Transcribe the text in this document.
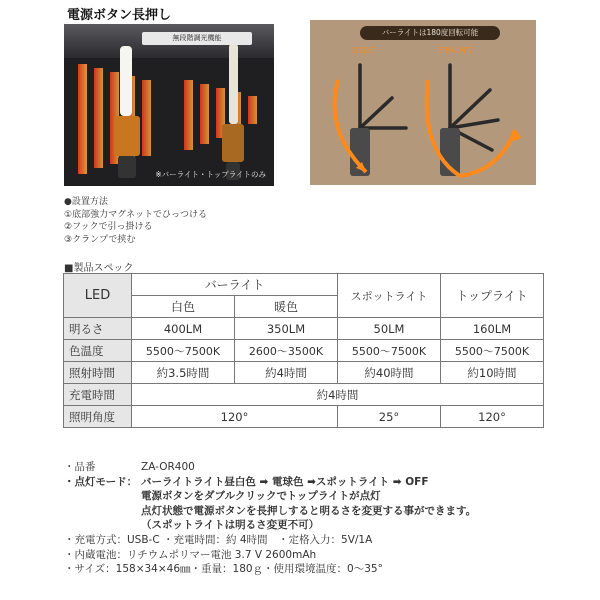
電源ボタン長押し
無段階調光機能
※バーライト・トップライトのみ
バーライトは180度回転可能
SIDE	FRONT
●設置方法
①底部強力マグネットでひっつける
②フックで引っ掛ける
③クランプで挟む
■製品スペック
LED	バーライト		スポットライト	トップライト
	白色	暖色		
明るさ	400LM	350LM	50LM	160LM
色温度	5500〜7500K	2600〜3500K	5500〜7500K	5500〜7500K
照射時間	約3.5時間	約4時間	約40時間	約10時間
充電時間	約4時間			
照明角度	120°		25°	120°
・品番	ZA-OR400
・点灯モード： バーライトライト昼白色 ➡ 電球色 ➡スポットライト ➡ OFF
電源ボタンをダブルクリックでトップライトが点灯
点灯状態で電源ボタンを長押しすると明るさを変更する事ができます。
（スポットライトは明るさ変更不可）
・充電方式：USB-C ・充電時間：約 4時間　・定格入力：5V/1A
・内蔵電池：リチウムポリマー電池 3.7 V 2600mAh
・サイズ：158×34×46㎜・重量：180ｇ・使用環境温度：0〜35°
